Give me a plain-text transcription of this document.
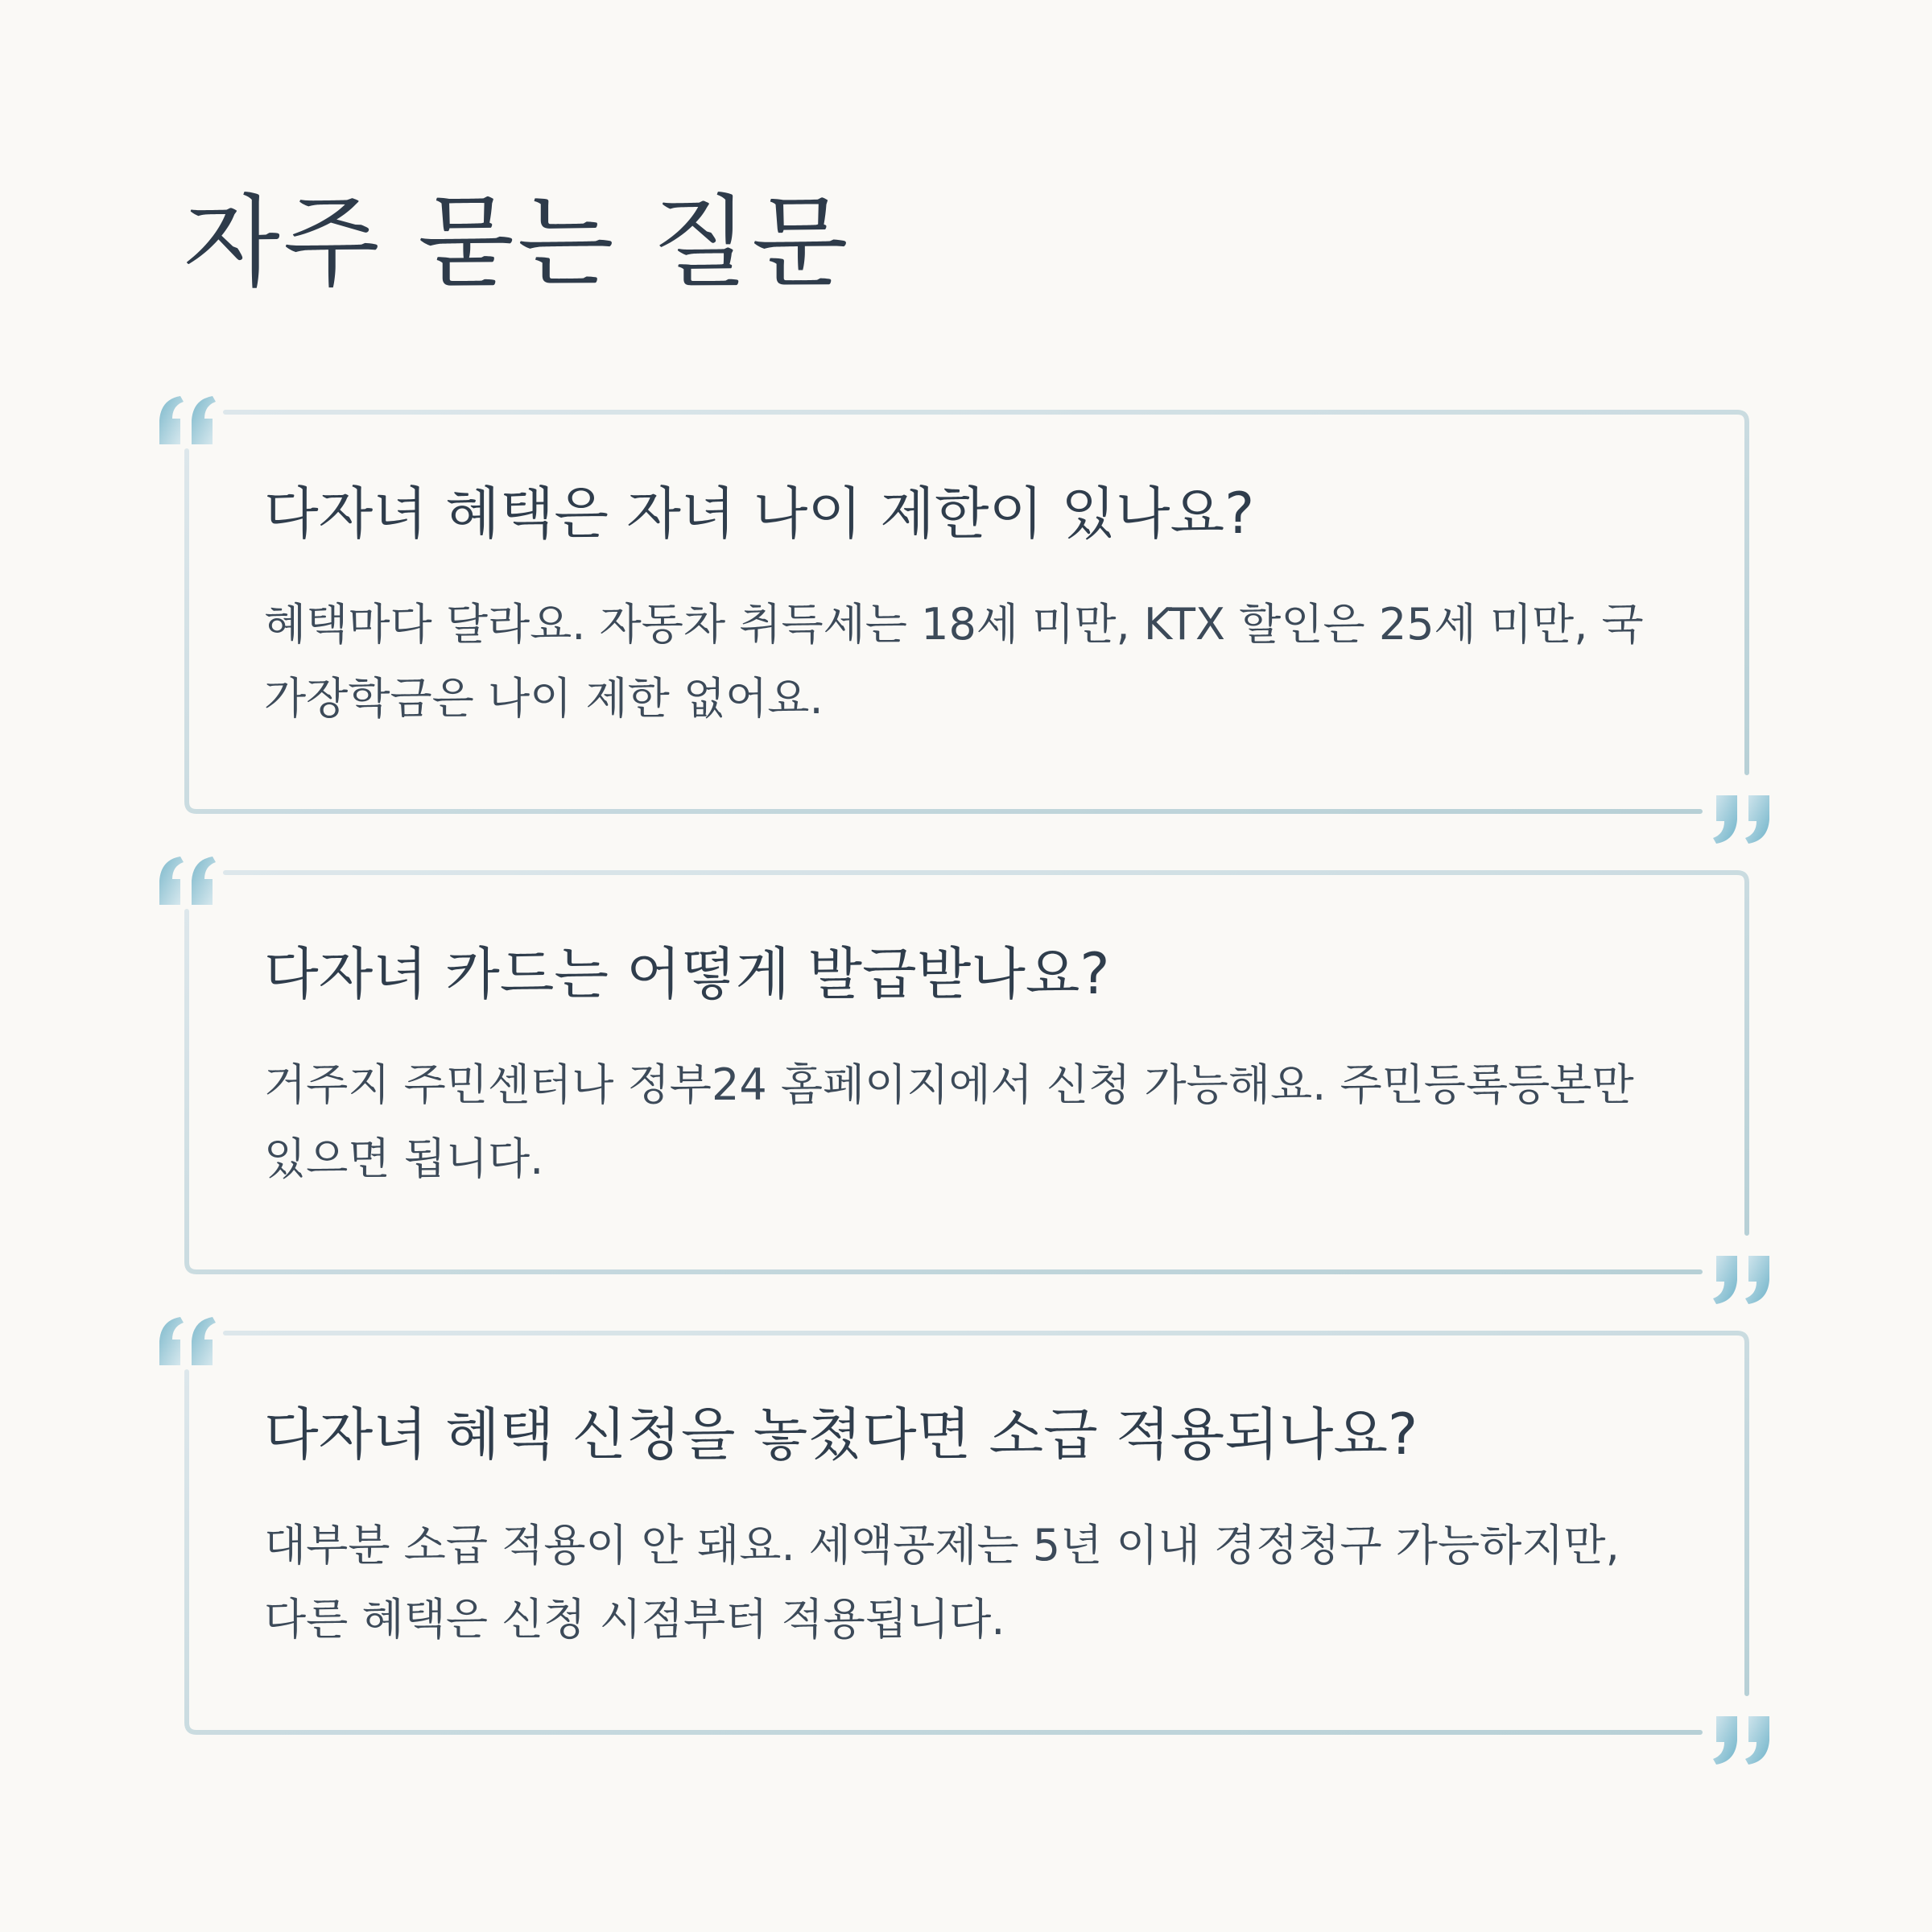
자주 묻는 질문
다자녀 혜택은 자녀 나이 제한이 있나요?

혜택마다 달라요. 자동차 취득세는 18세 미만, KTX 할인은 25세 미만, 국가장학금은 나이 제한 없어요.

다자녀 카드는 어떻게 발급받나요?

거주지 주민센터나 정부24 홈페이지에서 신청 가능해요. 주민등록등본만 있으면 됩니다.

다자녀 혜택 신청을 놓쳤다면 소급 적용되나요?

대부분 소급 적용이 안 돼요. 세액공제는 5년 이내 경정청구 가능하지만, 다른 혜택은 신청 시점부터 적용됩니다.
